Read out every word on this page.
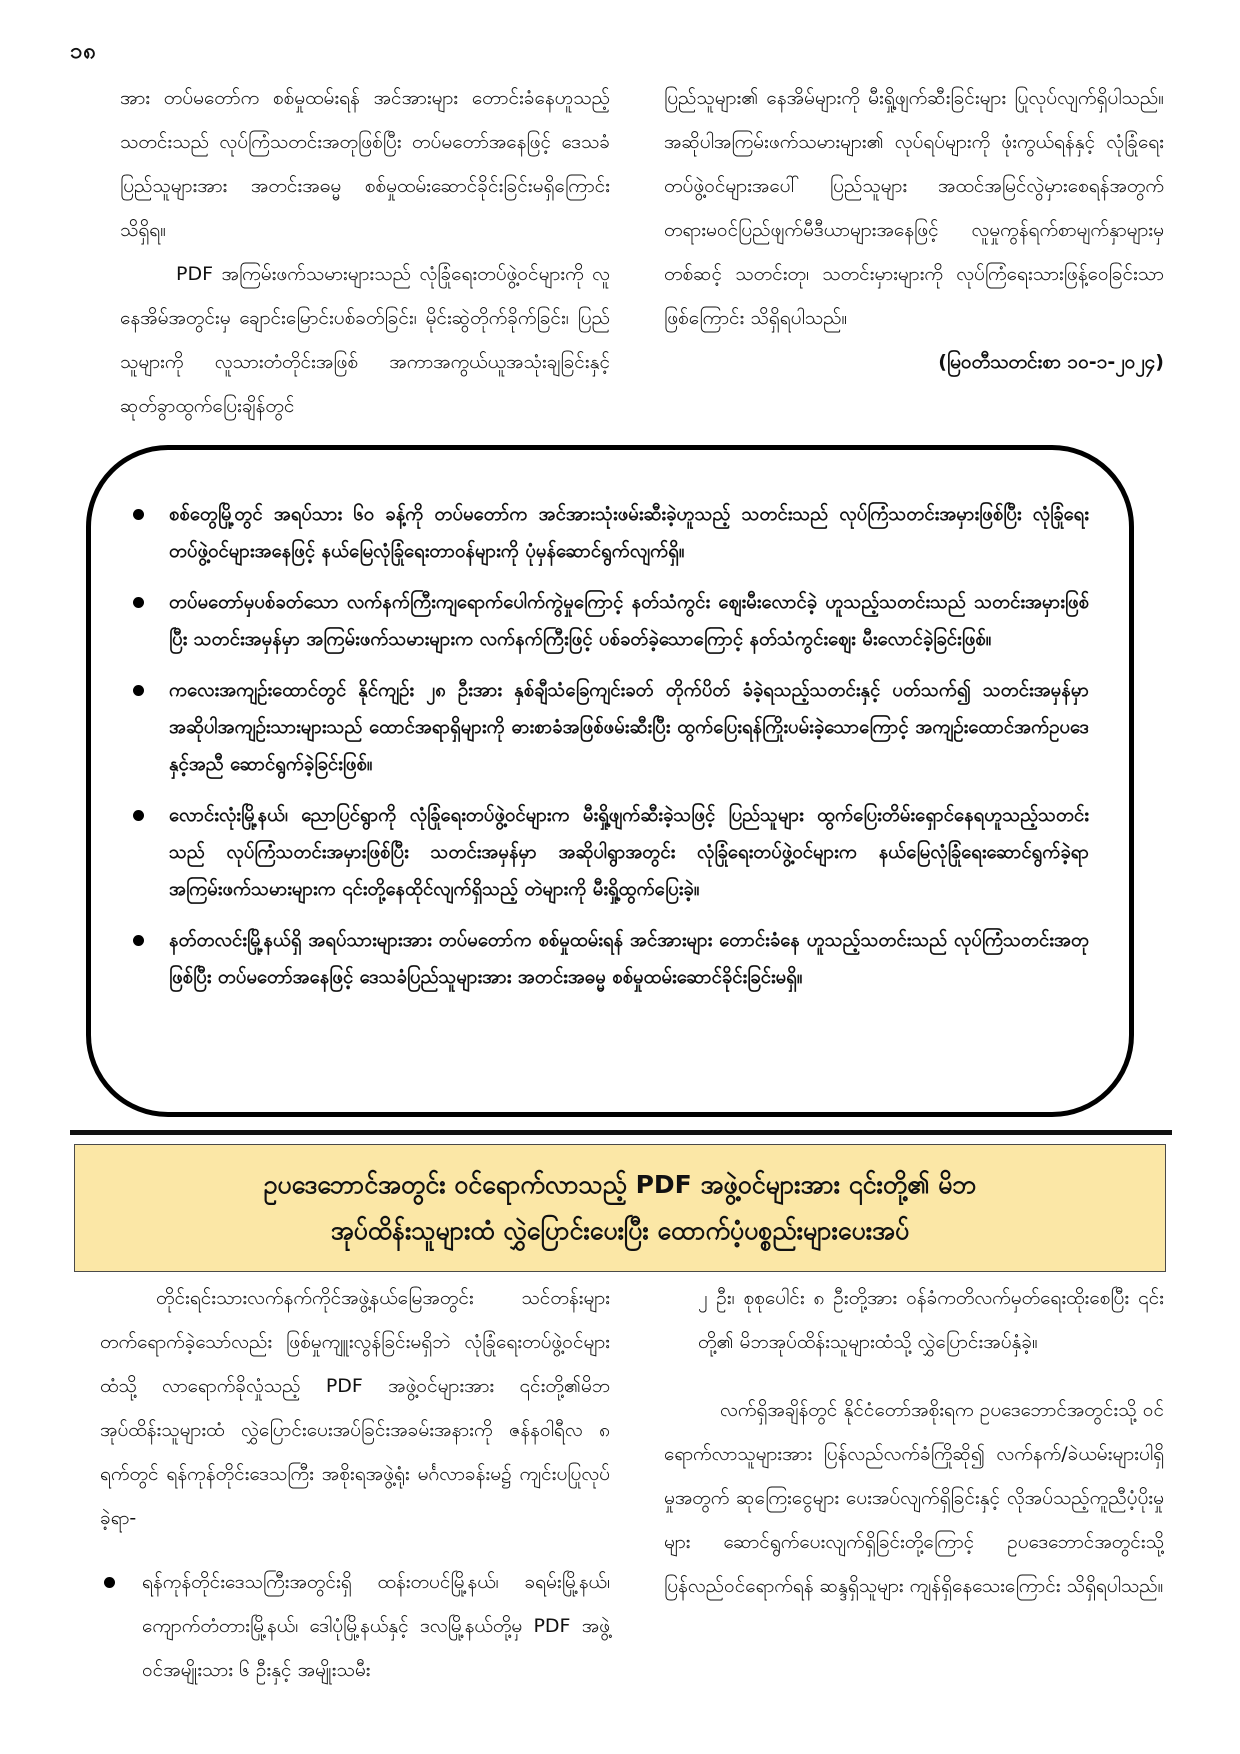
၁၈

အား တပ်မတော်က စစ်မှုထမ်းရန် အင်အားများ တောင်းခံနေဟူသည့်သတင်းသည် လုပ်ကြံသတင်းအတုဖြစ်ပြီး တပ်မတော်အနေဖြင့် ဒေသခံပြည်သူများအား အတင်းအဓမ္မ စစ်မှုထမ်းဆောင်ခိုင်းခြင်းမရှိကြောင်း သိရှိရ။

PDF အကြမ်းဖက်သမားများသည် လုံခြုံရေးတပ်ဖွဲ့ဝင်များကို လူနေအိမ်အတွင်းမှ ချောင်းမြောင်းပစ်ခတ်ခြင်း၊ မိုင်းဆွဲတိုက်ခိုက်ခြင်း၊ ပြည်သူများကို လူသားတံတိုင်းအဖြစ် အကာအကွယ်ယူအသုံးချခြင်းနှင့် ဆုတ်ခွာထွက်ပြေးချိန်တွင်

ပြည်သူများ၏ နေအိမ်များကို မီးရှို့ဖျက်ဆီးခြင်းများ ပြုလုပ်လျက်ရှိပါသည်။ အဆိုပါအကြမ်းဖက်သမားများ၏ လုပ်ရပ်များကို ဖုံးကွယ်ရန်နှင့် လုံခြုံရေးတပ်ဖွဲ့ဝင်များအပေါ် ပြည်သူများ အထင်အမြင်လွဲမှားစေရန်အတွက် တရားမဝင်ပြည်ဖျက်မီဒီယာများအနေဖြင့် လူမှုကွန်ရက်စာမျက်နှာများမှတစ်ဆင့် သတင်းတု၊ သတင်းမှားများကို လုပ်ကြံရေးသားဖြန့်ဝေခြင်းသာဖြစ်ကြောင်း သိရှိရပါသည်။

(မြဝတီသတင်းစာ ၁၀-၁-၂၀၂၄)

စစ်တွေမြို့တွင် အရပ်သား ၆၀ ခန့်ကို တပ်မတော်က အင်အားသုံးဖမ်းဆီးခဲ့ဟူသည့် သတင်းသည် လုပ်ကြံသတင်းအမှားဖြစ်ပြီး လုံခြုံရေးတပ်ဖွဲ့ဝင်များအနေဖြင့် နယ်မြေလုံခြုံရေးတာဝန်များကို ပုံမှန်ဆောင်ရွက်လျက်ရှိ။
တပ်မတော်မှပစ်ခတ်သော လက်နက်ကြီးကျရောက်ပေါက်ကွဲမှုကြောင့် နတ်သံကွင်း ဈေးမီးလောင်ခဲ့ ဟူသည့်သတင်းသည် သတင်းအမှားဖြစ်ပြီး သတင်းအမှန်မှာ အကြမ်းဖက်သမားများက လက်နက်ကြီးဖြင့် ပစ်ခတ်ခဲ့သောကြောင့် နတ်သံကွင်းဈေး မီးလောင်ခဲ့ခြင်းဖြစ်။
ကလေးအကျဉ်းထောင်တွင် နိုင်ကျဉ်း ၂၈ ဦးအား နှစ်ချီသံခြေကျင်းခတ် တိုက်ပိတ် ခံခဲ့ရသည့်သတင်းနှင့် ပတ်သက်၍ သတင်းအမှန်မှာ အဆိုပါအကျဉ်းသားများသည် ထောင်အရာရှိများကို ဓားစာခံအဖြစ်ဖမ်းဆီးပြီး ထွက်ပြေးရန်ကြိုးပမ်းခဲ့သောကြောင့် အကျဉ်းထောင်အက်ဥပဒေနှင့်အညီ ဆောင်ရွက်ခဲ့ခြင်းဖြစ်။
လောင်းလုံးမြို့နယ်၊ ညောပြင်ရွာကို လုံခြုံရေးတပ်ဖွဲ့ဝင်များက မီးရှို့ဖျက်ဆီးခဲ့သဖြင့် ပြည်သူများ ထွက်ပြေးတိမ်းရှောင်နေရဟူသည့်သတင်းသည် လုပ်ကြံသတင်းအမှားဖြစ်ပြီး သတင်းအမှန်မှာ အဆိုပါရွာအတွင်း လုံခြုံရေးတပ်ဖွဲ့ဝင်များက နယ်မြေလုံခြုံရေးဆောင်ရွက်ခဲ့ရာ အကြမ်းဖက်သမားများက ၎င်းတို့နေထိုင်လျက်ရှိသည့် တဲများကို မီးရှို့ထွက်ပြေးခဲ့။
နတ်တလင်းမြို့နယ်ရှိ အရပ်သားများအား တပ်မတော်က စစ်မှုထမ်းရန် အင်အားများ တောင်းခံနေ ဟူသည့်သတင်းသည် လုပ်ကြံသတင်းအတုဖြစ်ပြီး တပ်မတော်အနေဖြင့် ဒေသခံပြည်သူများအား အတင်းအဓမ္မ စစ်မှုထမ်းဆောင်ခိုင်းခြင်းမရှိ။
ဥပဒေဘောင်အတွင်း ဝင်ရောက်လာသည့် PDF အဖွဲ့ဝင်များအား ၎င်းတို့၏ မိဘ
အုပ်ထိန်းသူများထံ လွှဲပြောင်းပေးပြီး ထောက်ပံ့ပစ္စည်းများပေးအပ်

တိုင်းရင်းသားလက်နက်ကိုင်အဖွဲ့နယ်မြေအတွင်း သင်တန်းများ တက်ရောက်ခဲ့သော်လည်း ဖြစ်မှုကျူးလွန်ခြင်းမရှိဘဲ လုံခြုံရေးတပ်ဖွဲ့ဝင်များထံသို့ လာရောက်ခိုလှုံသည့် PDF အဖွဲ့ဝင်များအား ၎င်းတို့၏မိဘအုပ်ထိန်းသူများထံ လွှဲပြောင်းပေးအပ်ခြင်းအခမ်းအနားကို ဇန်နဝါရီလ ၈ ရက်တွင် ရန်ကုန်တိုင်းဒေသကြီး အစိုးရအဖွဲ့ရုံး မင်္ဂလာခန်းမ၌ ကျင်းပပြုလုပ်ခဲ့ရာ-

ရန်ကုန်တိုင်းဒေသကြီးအတွင်းရှိ ထန်းတပင်မြို့နယ်၊ ခရမ်းမြို့နယ်၊ ကျောက်တံတားမြို့နယ်၊ ဒေါပုံမြို့နယ်နှင့် ဒလမြို့နယ်တို့မှ PDF အဖွဲ့ဝင်အမျိုးသား ၆ ဦးနှင့် အမျိုးသမီး

၂ ဦး၊ စုစုပေါင်း ၈ ဦးတို့အား ဝန်ခံကတိလက်မှတ်ရေးထိုးစေပြီး ၎င်းတို့၏ မိဘအုပ်ထိန်းသူများထံသို့ လွှဲပြောင်းအပ်နှံခဲ့။

လက်ရှိအချိန်တွင် နိုင်ငံတော်အစိုးရက ဥပဒေဘောင်အတွင်းသို့ ဝင်ရောက်လာသူများအား ပြန်လည်လက်ခံကြိုဆို၍ လက်နက်/ခဲယမ်းများပါရှိမှုအတွက် ဆုကြေးငွေများ ပေးအပ်လျက်ရှိခြင်းနှင့် လိုအပ်သည့်ကူညီပံ့ပိုးမှုများ ဆောင်ရွက်ပေးလျက်ရှိခြင်းတို့ကြောင့် ဥပဒေဘောင်အတွင်းသို့ ပြန်လည်ဝင်ရောက်ရန် ဆန္ဒရှိသူများ ကျန်ရှိနေသေးကြောင်း သိရှိရပါသည်။
